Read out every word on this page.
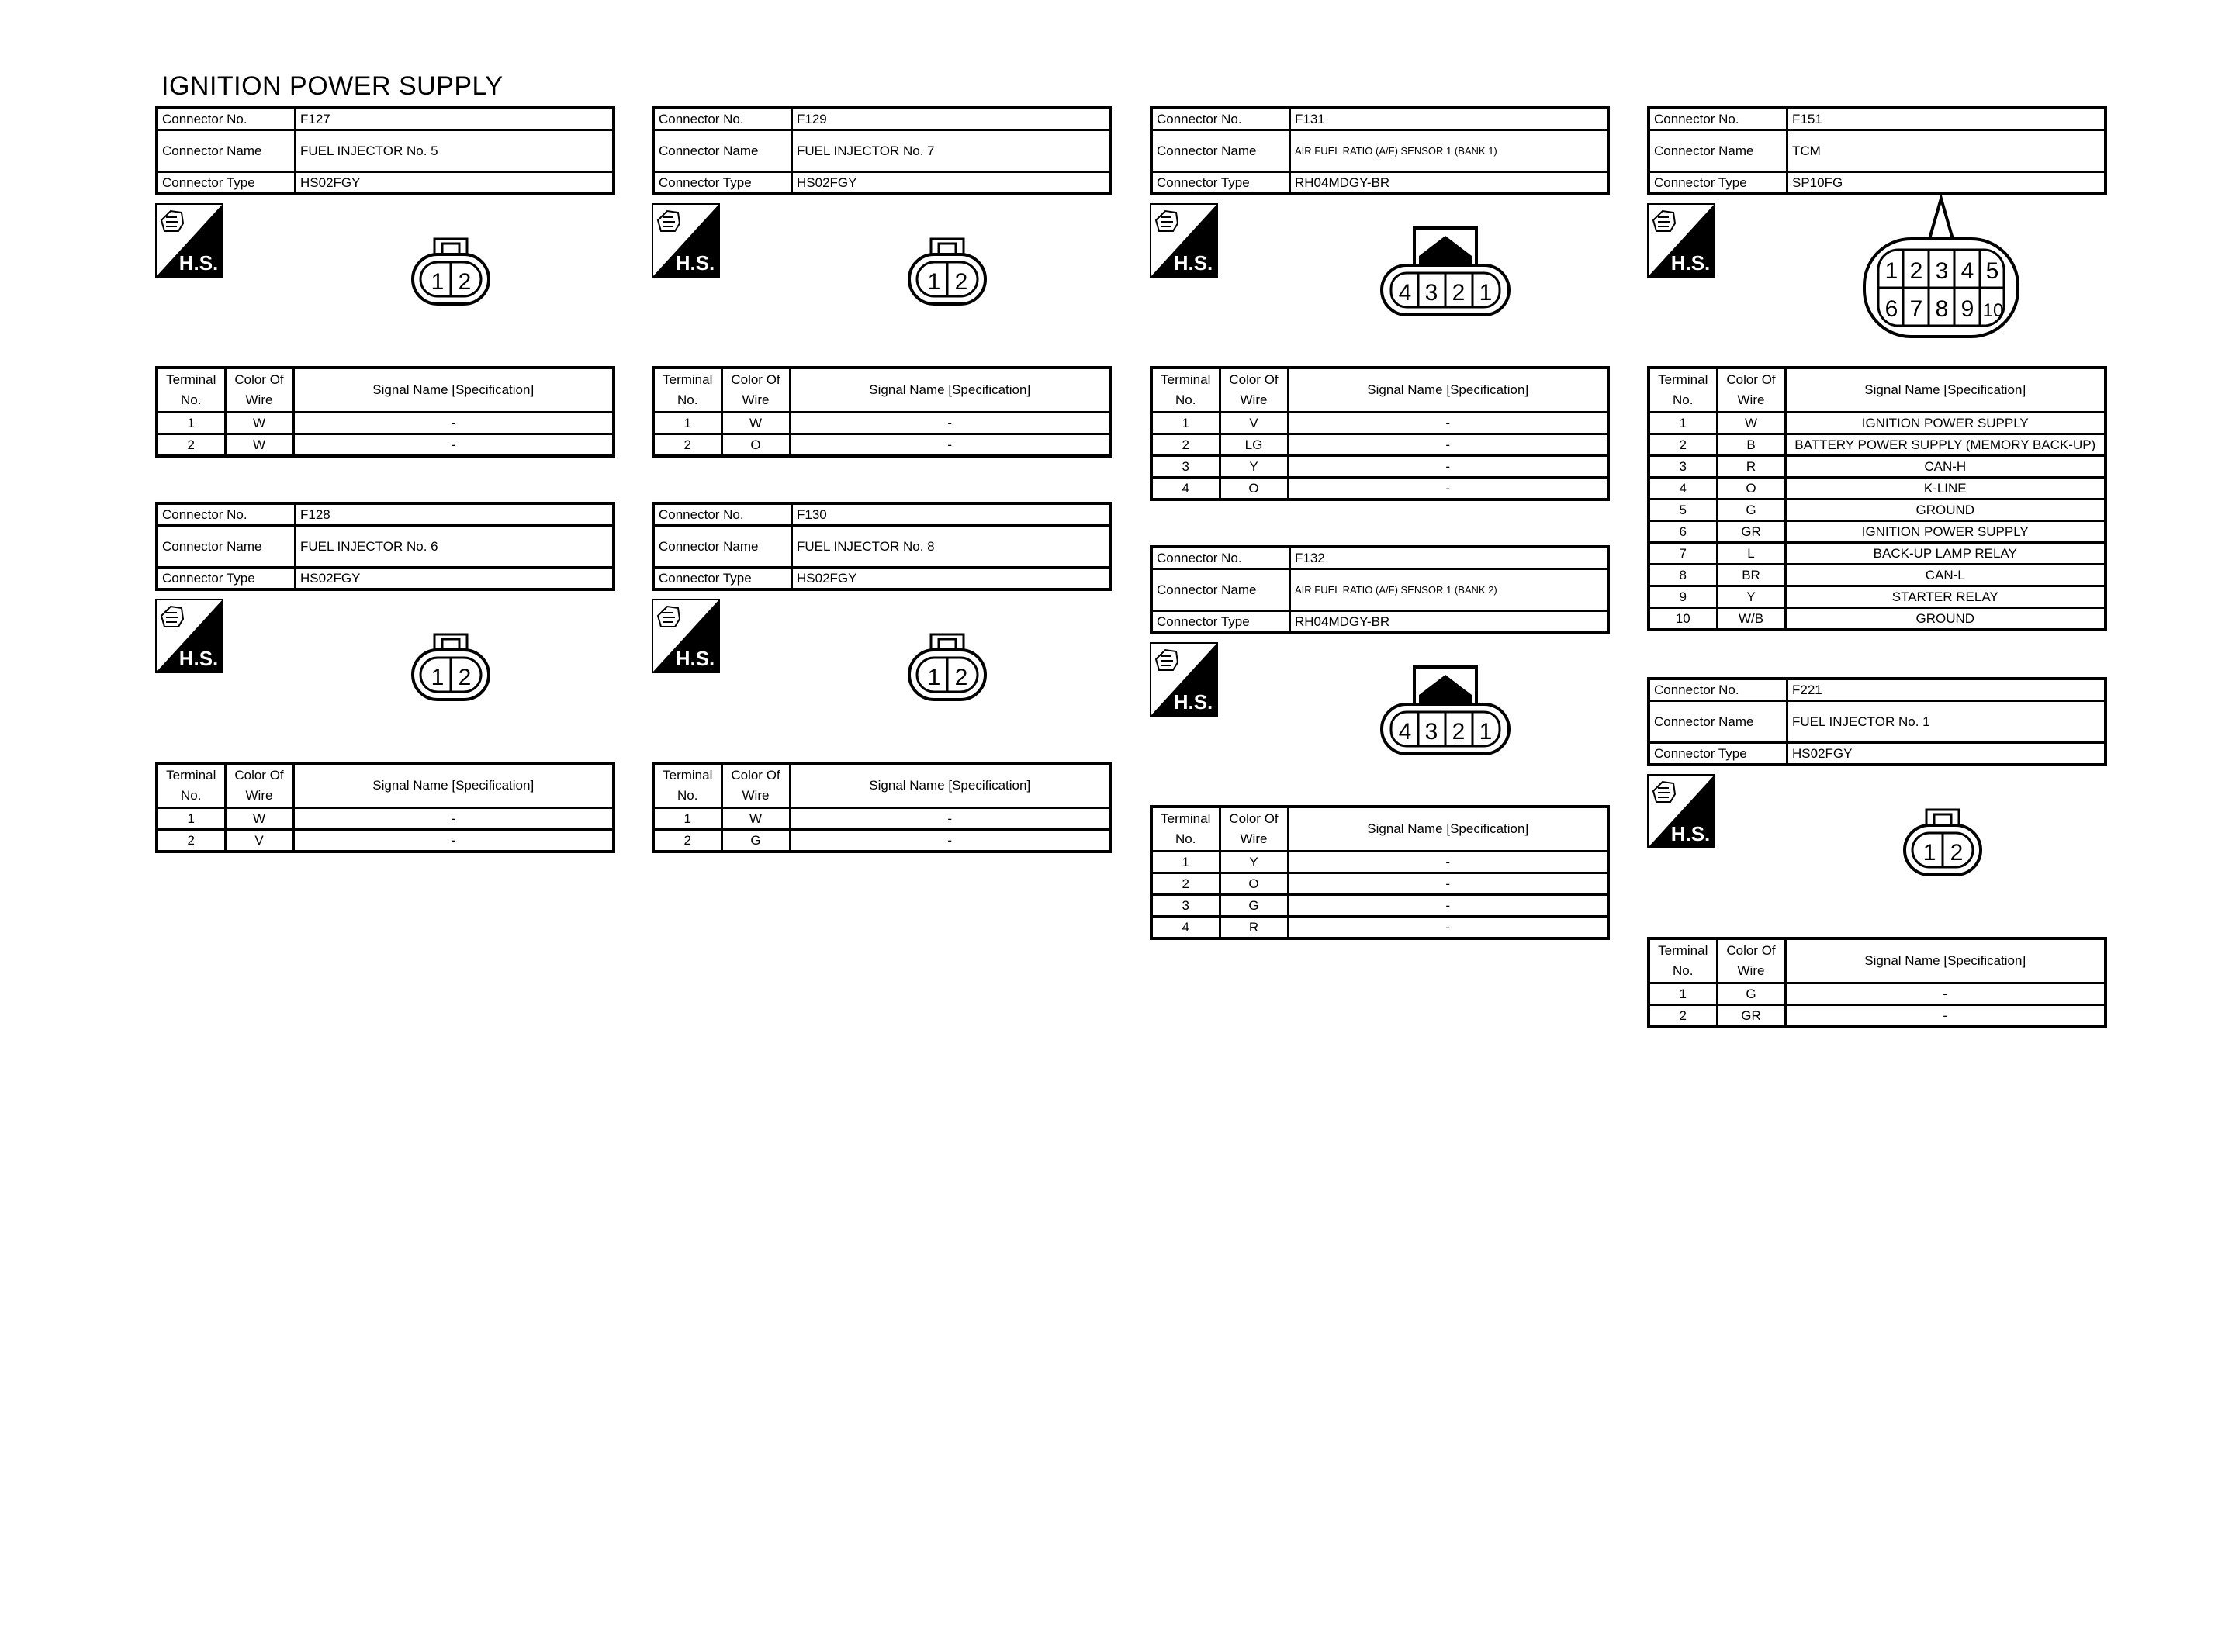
IGNITION POWER SUPPLY
Connector No.	F127
Connector Name	FUEL INJECTOR No. 5
Connector Type	HS02FGY
H.S.
1 2
Terminal No.	Color Of Wire	Signal Name [Specification]
1	W	-
2	W	-
Connector No.	F128
Connector Name	FUEL INJECTOR No. 6
Connector Type	HS02FGY
H.S.
1 2
Terminal No.	Color Of Wire	Signal Name [Specification]
1	W	-
2	V	-
Connector No.	F129
Connector Name	FUEL INJECTOR No. 7
Connector Type	HS02FGY
H.S.
1 2
Terminal No.	Color Of Wire	Signal Name [Specification]
1	W	-
2	O	-
Connector No.	F130
Connector Name	FUEL INJECTOR No. 8
Connector Type	HS02FGY
H.S.
1 2
Terminal No.	Color Of Wire	Signal Name [Specification]
1	W	-
2	G	-
Connector No.	F131
Connector Name	AIR FUEL RATIO (A/F) SENSOR 1 (BANK 1)
Connector Type	RH04MDGY-BR
H.S.
4 3 2 1
Terminal No.	Color Of Wire	Signal Name [Specification]
1	V	-
2	LG	-
3	Y	-
4	O	-
Connector No.	F132
Connector Name	AIR FUEL RATIO (A/F) SENSOR 1 (BANK 2)
Connector Type	RH04MDGY-BR
H.S.
4 3 2 1
Terminal No.	Color Of Wire	Signal Name [Specification]
1	Y	-
2	O	-
3	G	-
4	R	-
Connector No.	F151
Connector Name	TCM
Connector Type	SP10FG
H.S.	1 2 3 4 5
6 7 8 9 10
Terminal No.	Color Of Wire	Signal Name [Specification]
1	W	IGNITION POWER SUPPLY
2	B	BATTERY POWER SUPPLY (MEMORY BACK-UP)
3	R	CAN-H
4	O	K-LINE
5	G	GROUND
6	GR	IGNITION POWER SUPPLY
7	L	BACK-UP LAMP RELAY
8	BR	CAN-L
9	Y	STARTER RELAY
10	W/B	GROUND
Connector No.	F221
Connector Name	FUEL INJECTOR No. 1
Connector Type	HS02FGY
H.S.
1 2
Terminal No.	Color Of Wire	Signal Name [Specification]
1	G	-
2	GR	-
